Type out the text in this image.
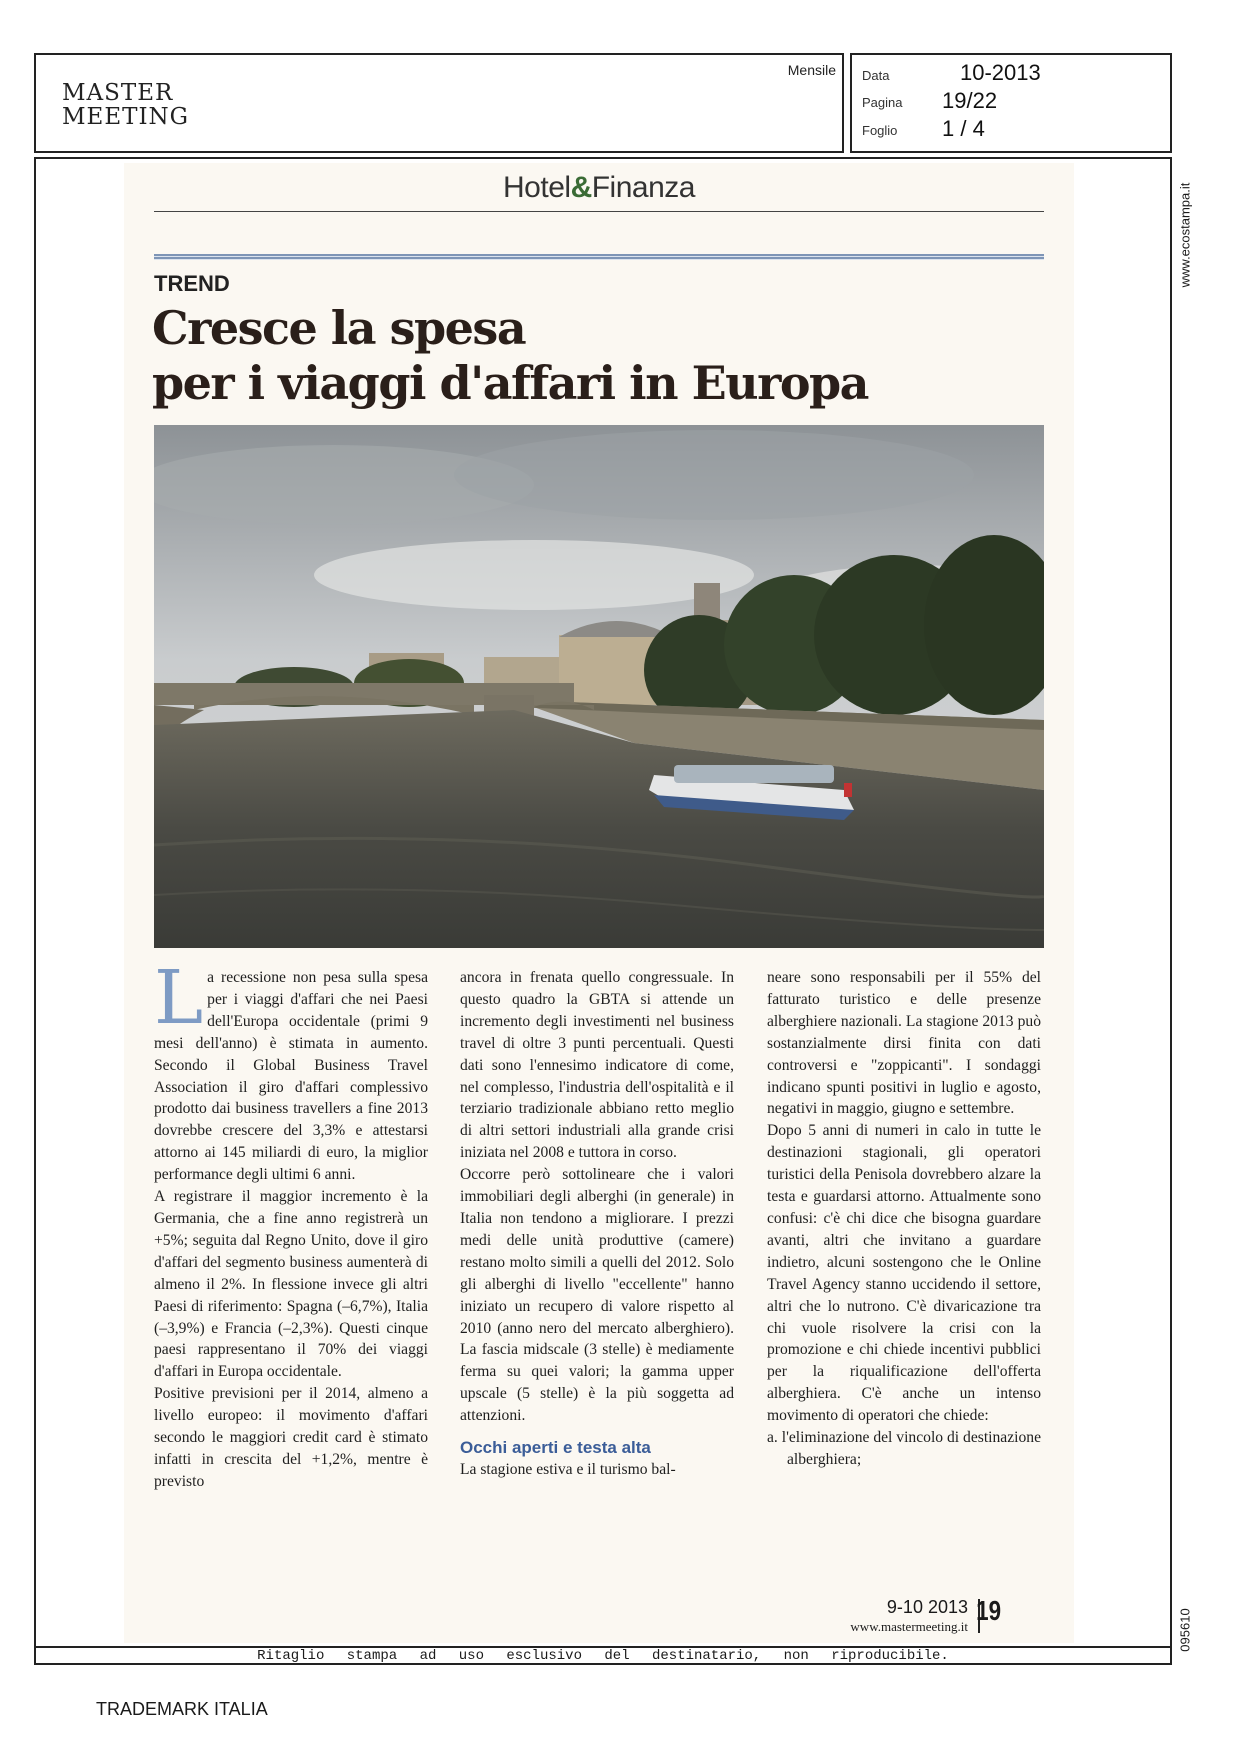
MASTER
MEETING
Mensile Data	10-2013
Pagina	19/22
Foglio	1 / 4
www.ecostampa.it
095610
Hotel&Finanza
TREND
Cresce la spesa
per i viaggi d'affari in Europa

La recessione non pesa sulla spesa per i viaggi d'affari che nei Paesi dell'Europa occidentale (primi 9 mesi dell'anno) è stimata in aumento. Secondo il Global Business Travel Association il giro d'affari complessivo prodotto dai business travellers a fine 2013 dovrebbe crescere del 3,3% e attestarsi attorno ai 145 miliardi di euro, la miglior performance degli ultimi 6 anni.

A registrare il maggior incremento è la Germania, che a fine anno registrerà un +5%; seguita dal Regno Unito, dove il giro d'affari del segmento business aumenterà di almeno il 2%. In flessione invece gli altri Paesi di riferimento: Spagna (–6,7%), Italia (–3,9%) e Francia (–2,3%). Questi cinque paesi rappresentano il 70% dei viaggi d'affari in Europa occidentale.

Positive previsioni per il 2014, almeno a livello europeo: il movimento d'affari secondo le maggiori credit card è stimato infatti in crescita del +1,2%, mentre è previsto

ancora in frenata quello congressuale. In questo quadro la GBTA si attende un incremento degli investimenti nel business travel di oltre 3 punti percentuali. Questi dati sono l'ennesimo indicatore di come, nel complesso, l'industria dell'ospitalità e il terziario tradizionale abbiano retto meglio di altri settori industriali alla grande crisi iniziata nel 2008 e tuttora in corso.

Occorre però sottolineare che i valori immobiliari degli alberghi (in generale) in Italia non tendono a migliorare. I prezzi medi delle unità produttive (camere) restano molto simili a quelli del 2012. Solo gli alberghi di livello "eccellente" hanno iniziato un recupero di valore rispetto al 2010 (anno nero del mercato alberghiero). La fascia midscale (3 stelle) è mediamente ferma su quei valori; la gamma upper upscale (5 stelle) è la più soggetta ad attenzioni.

Occhi aperti e testa alta

La stagione estiva e il turismo bal-

neare sono responsabili per il 55% del fatturato turistico e delle presenze alberghiere nazionali. La stagione 2013 può sostanzialmente dirsi finita con dati controversi e "zoppicanti". I sondaggi indicano spunti positivi in luglio e agosto, negativi in maggio, giugno e settembre.

Dopo 5 anni di numeri in calo in tutte le destinazioni stagionali, gli operatori turistici della Penisola dovrebbero alzare la testa e guardarsi attorno. Attualmente sono confusi: c'è chi dice che bisogna guardare avanti, altri che invitano a guardare indietro, alcuni sostengono che le Online Travel Agency stanno uccidendo il settore, altri che lo nutrono. C'è divaricazione tra chi vuole risolvere la crisi con la promozione e chi chiede incentivi pubblici per la riqualificazione dell'offerta alberghiera. C'è anche un intenso movimento di operatori che chiede:

a. l'eliminazione del vincolo di destinazione alberghiera;

9-10 2013
www.mastermeeting.it
19
Ritaglio stampa ad uso esclusivo del destinatario, non riproducibile.
TRADEMARK ITALIA
